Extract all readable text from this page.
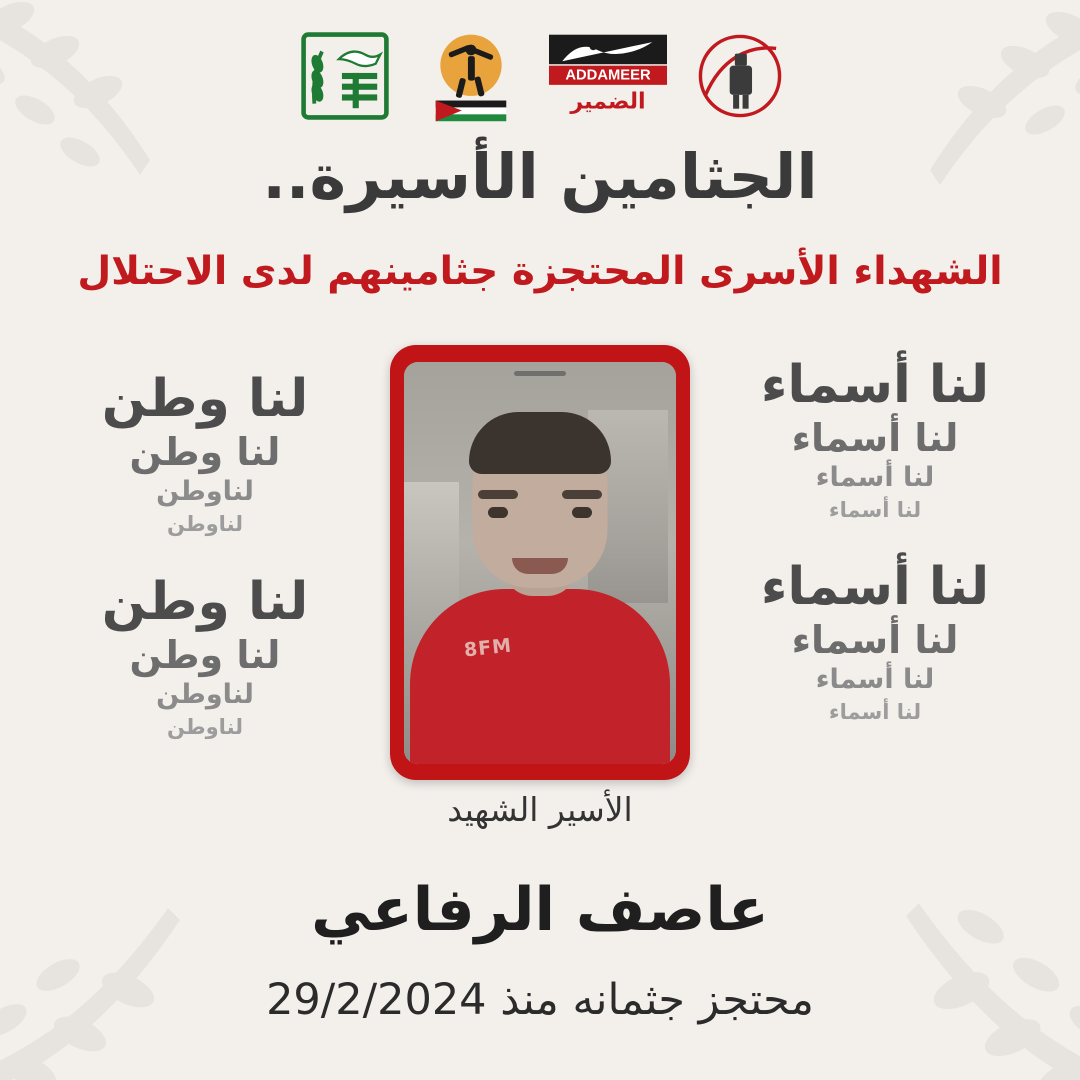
ADDAMEER
الضمير
الجثامين الأسيرة..
الشهداء الأسرى المحتجزة جثامينهم لدى الاحتلال
لنا وطن
لنا وطن
لناوطن
لناوطن
لنا وطن
لنا وطن
لناوطن
لناوطن
لنا أسماء
لنا أسماء
لنا أسماء
لنا أسماء
لنا أسماء
لنا أسماء
لنا أسماء
لنا أسماء
8FM
الأسير الشهيد
عاصف الرفاعي
محتجز جثمانه منذ 29/2/2024
